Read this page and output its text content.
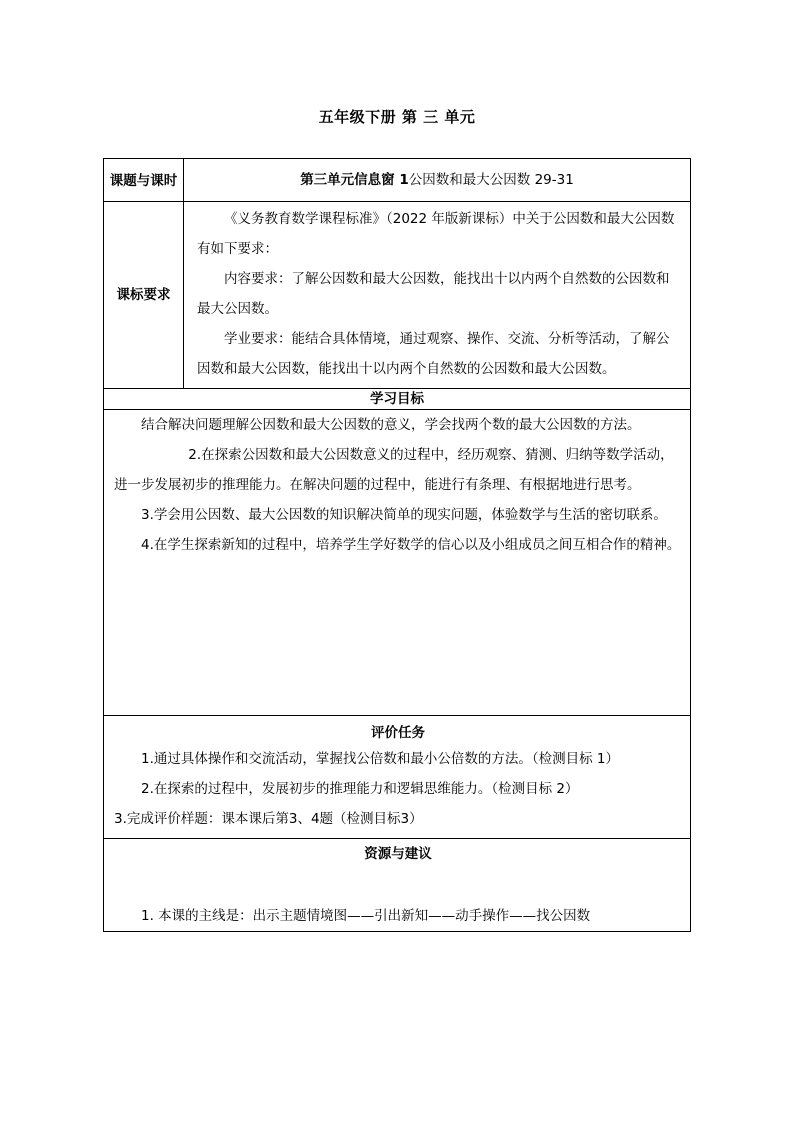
五年级下册 第 三 单元
课题与课时	第三单元信息窗 1公因数和最大公因数 29-31
课标要求	《义务教育数学课程标准》（2022 年版新课标）中关于公因数和最大公因数有如下要求：

内容要求：了解公因数和最大公因数，能找出十以内两个自然数的公因数和最大公因数。

学业要求：能结合具体情境，通过观察、操作、交流、分析等活动，了解公因数和最大公因数，能找出十以内两个自然数的公因数和最大公因数。

学习目标	

结合解决问题理解公因数和最大公因数的意义，学会找两个数的最大公因数的方法。

2.在探索公因数和最大公因数意义的过程中，经历观察、猜测、归纳等数学活动，进一步发展初步的推理能力。在解决问题的过程中，能进行有条理、有根据地进行思考。

3.学会用公因数、最大公因数的知识解决简单的现实问题，体验数学与生活的密切联系。

4.在学生探索新知的过程中，培养学生学好数学的信心以及小组成员之间互相合作的精神。	

评价任务

1.通过具体操作和交流活动，掌握找公倍数和最小公倍数的方法。（检测目标 1）

2.在探索的过程中，发展初步的推理能力和逻辑思维能力。（检测目标 2）

3.完成评价样题：课本课后第3、4题（检测目标3）	

资源与建议

1. 本课的主线是：出示主题情境图——引出新知——动手操作——找公因数	
